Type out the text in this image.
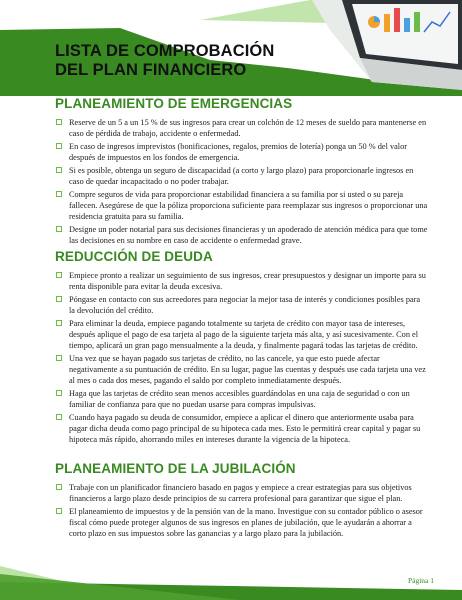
LISTA DE COMPROBACIÓN
DEL PLAN FINANCIERO
PLANEAMIENTO DE EMERGENCIAS
Reserve de un 5 a un 15 % de sus ingresos para crear un colchón de 12 meses de sueldo para mantenerse en caso de pérdida de trabajo, accidente o enfermedad.
En caso de ingresos imprevistos (bonificaciones, regalos, premios de lotería) ponga un 50 % del valor después de impuestos en los fondos de emergencia.
Si es posible, obtenga un seguro de discapacidad (a corto y largo plazo) para proporcionarle ingresos en caso de quedar incapacitado o no poder trabajar.
Compre seguros de vida para proporcionar estabilidad financiera a su familia por si usted o su pareja fallecen. Asegúrese de que la póliza proporciona suficiente para reemplazar sus ingresos o proporcionar una residencia gratuita para su familia.
Designe un poder notarial para sus decisiones financieras y un apoderado de atención médica para que tome las decisiones en su nombre en caso de accidente o enfermedad grave.
REDUCCIÓN DE DEUDA
Empiece pronto a realizar un seguimiento de sus ingresos, crear presupuestos y designar un importe para su renta disponible para evitar la deuda excesiva.
Póngase en contacto con sus acreedores para negociar la mejor tasa de interés y condiciones posibles para la devolución del crédito.
Para eliminar la deuda, empiece pagando totalmente su tarjeta de crédito con mayor tasa de intereses, después aplique el pago de esa tarjeta al pago de la siguiente tarjeta más alta, y así sucesivamente. Con el tiempo, aplicará un gran pago mensualmente a la deuda, y finalmente pagará todas las tarjetas de crédito.
Una vez que se hayan pagado sus tarjetas de crédito, no las cancele, ya que esto puede afectar negativamente a su puntuación de crédito. En su lugar, pague las cuentas y después use cada tarjeta una vez al mes o cada dos meses, pagando el saldo por completo inmediatamente después.
Haga que las tarjetas de crédito sean menos accesibles guardándolas en una caja de seguridad o con un familiar de confianza para que no puedan usarse para compras impulsivas.
Cuando haya pagado su deuda de consumidor, empiece a aplicar el dinero que anteriormente usaba para pagar dicha deuda como pago principal de su hipoteca cada mes. Esto le permitirá crear capital y pagar su hipoteca más rápido, ahorrando miles en intereses durante la vigencia de la hipoteca.
PLANEAMIENTO DE LA JUBILACIÓN
Trabaje con un planificador financiero basado en pagos y empiece a crear estrategias para sus objetivos financieros a largo plazo desde principios de su carrera profesional para garantizar que sigue el plan.
El planeamiento de impuestos y de la pensión van de la mano. Investigue con su contador público o asesor fiscal cómo puede proteger algunos de sus ingresos en planes de jubilación, que le ayudarán a ahorrar a corto plazo en sus impuestos sobre las ganancias y a largo plazo para la jubilación.
Página 1
